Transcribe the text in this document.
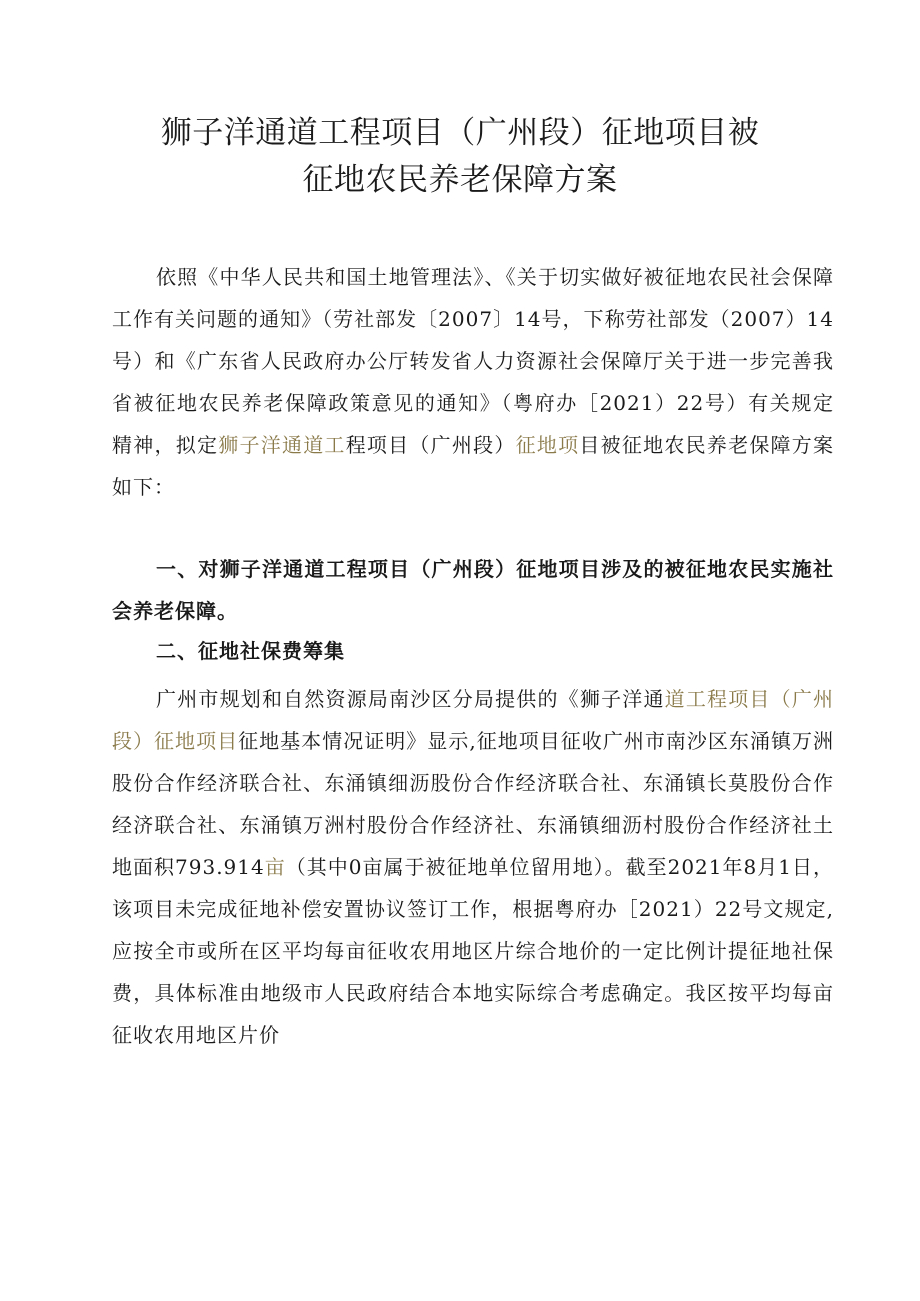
狮子洋通道工程项目（广州段）征地项目被
征地农民养老保障方案

依照《中华人民共和国土地管理法》、《关于切实做好被征地农民社会保障工作有关问题的通知》（劳社部发〔2007〕14号，下称劳社部发（2007）14号）和《广东省人民政府办公厅转发省人力资源社会保障厅关于进一步完善我省被征地农民养老保障政策意见的通知》（粤府办［2021）22号）有关规定精神，拟定狮子洋通道工程项目（广州段）征地项目被征地农民养老保障方案如下：

一、对狮子洋通道工程项目（广州段）征地项目涉及的被征地农民实施社会养老保障。

二、征地社保费筹集

广州市规划和自然资源局南沙区分局提供的《狮子洋通道工程项目（广州段）征地项目征地基本情况证明》显示,征地项目征收广州市南沙区东涌镇万洲股份合作经济联合社、东涌镇细沥股份合作经济联合社、东涌镇长莫股份合作经济联合社、东涌镇万洲村股份合作经济社、东涌镇细沥村股份合作经济社土地面积793.914亩（其中0亩属于被征地单位留用地）。截至2021年8月1日，该项目未完成征地补偿安置协议签订工作，根据粤府办［2021）22号文规定,应按全市或所在区平均每亩征收农用地区片综合地价的一定比例计提征地社保费，具体标准由地级市人民政府结合本地实际综合考虑确定。我区按平均每亩征收农用地区片价
